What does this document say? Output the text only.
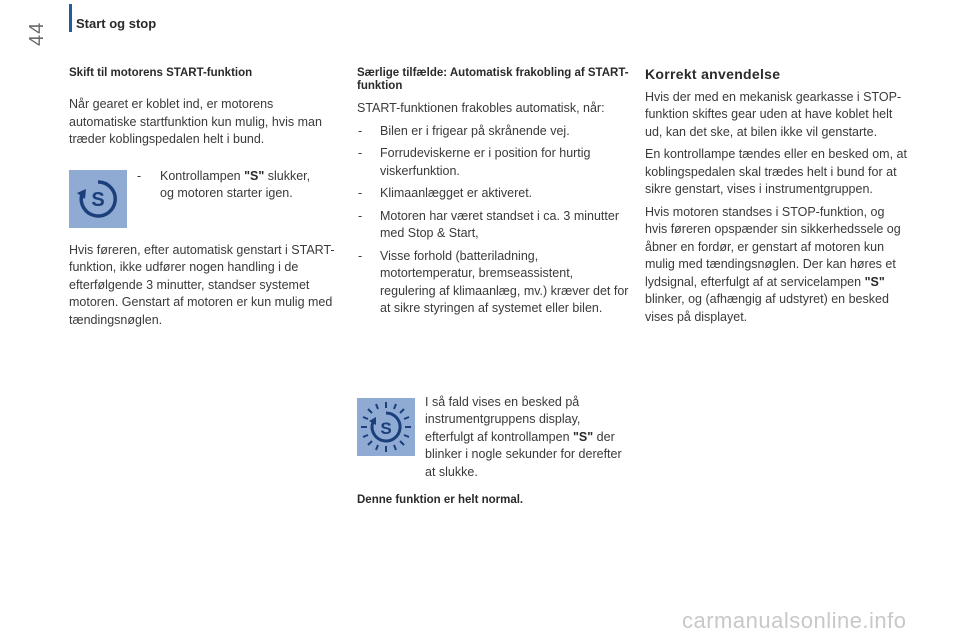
44 Start og stop
Skift til motorens START-funktion

Når gearet er koblet ind, er motorens automatiske startfunktion kun mulig, hvis man træder koblingspedalen helt i bund.

S
-	Kontrollampen "S" slukker, og motoren starter igen.

Hvis føreren, efter automatisk genstart i START-funktion, ikke udfører nogen handling i de efterfølgende 3 minutter, standser systemet motoren. Genstart af motoren er kun mulig med tændingsnøglen.

Særlige tilfælde: Automatisk frakobling af START-funktion

START-funktionen frakobles automatisk, når:

- Bilen er i frigear på skrånende vej.
- Forrudeviskerne er i position for hurtig viskerfunktion.
- Klimaanlægget er aktiveret.
- Motoren har været standset i ca. 3 minutter med Stop & Start,
- Visse forhold (batteriladning, motortemperatur, bremseassistent, regulering af klimaanlæg, mv.) kræver det for at sikre styringen af systemet eller bilen.
S

I så fald vises en besked på instrumentgruppens display, efterfulgt af kontrollampen "S" der blinker i nogle sekunder for derefter at slukke.

Denne funktion er helt normal.

Korrekt anvendelse

Hvis der med en mekanisk gearkasse i STOP-funktion skiftes gear uden at have koblet helt ud, kan det ske, at bilen ikke vil genstarte.

En kontrollampe tændes eller en besked om, at koblingspedalen skal trædes helt i bund for at sikre genstart, vises i instrumentgruppen.

Hvis motoren standses i STOP-funktion, og hvis føreren opspænder sin sikkerhedsselе og åbner en fordør, er genstart af motoren kun mulig med tændingsnøglen. Der kan høres et lydsignal, efterfulgt af at servicelampen "S" blinker, og (afhængig af udstyret) en besked vises på displayet.

carmanualsonline.info
